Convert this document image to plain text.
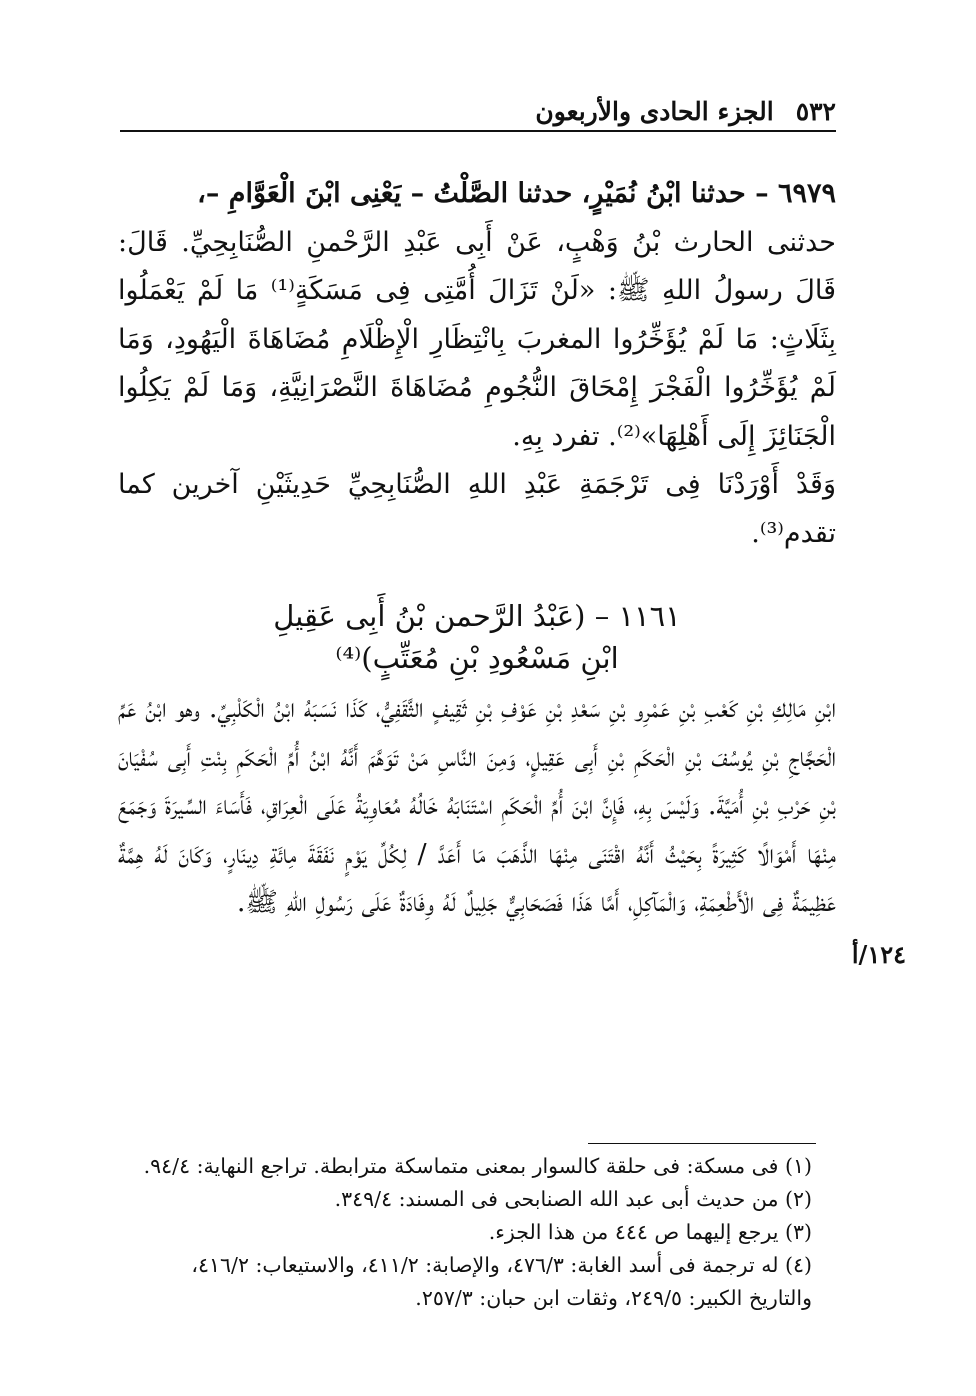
٥٣٢
الجزء الحادى والأربعون

٦٩٧٩ – حدثنا ابْنُ نُمَيْرٍ، حدثنا الصَّلْتُ – يَعْنِى ابْنَ الْعَوَّامِ –،

حدثنى الحارث بْنُ وَهْبٍ، عَنْ أَبِى عَبْدِ الرَّحْمنِ الصُّنَابِحِيِّ. قَالَ: قَالَ رسولُ اللهِ ﷺ: «لَنْ تَزَالَ أُمَّتِى فِى مَسَكَةٍ⁽¹⁾ مَا لَمْ يَعْمَلُوا بِثَلَاثٍ: مَا لَمْ يُؤَخِّرُوا المغربَ بِانْتِظَارِ الْإِظْلَامِ مُضَاهَاةَ الْيَهُودِ، وَمَا لَمْ يُؤَخِّرُوا الْفَجْرَ إِمْحَاقَ النُّجُومِ مُضَاهَاةَ النَّصْرَانِيَّةِ، وَمَا لَمْ يَكِلُوا الْجَنَائِزَ إِلَى أَهْلِهَا»⁽²⁾. تفرد بِهِ.

وَقَدْ أَوْرَدْنَا فِى تَرْجَمَةِ عَبْدِ اللهِ الصُّنَابِحِيِّ حَدِيثَيْنِ آخرين كما تقدم⁽³⁾.

١١٦١ – (عَبْدُ الرَّحمن بْنُ أَبِى عَقِيلِ

ابْنِ مَسْعُودِ بْنِ مُعَتِّبٍ)⁽⁴⁾

ابْنِ مَالِكِ بْنِ كَعْبِ بْنِ عَمْرِو بْنِ سَعْدِ بْنِ عَوْفِ بْنِ ثَقِيفٍ الثَّقَفِيُّ، كَذَا نَسَبَهُ ابْنُ الْكَلْبِيِّ. وهو ابْنُ عَمِّ الْحَجَّاجِ بْنِ يُوسُفَ بْنِ الْحَكَمِ بْنِ أَبِى عَقِيلٍ، وَمِنَ النَّاسِ مَنْ تَوَهَّمَ أَنَّهُ ابْنُ أُمِّ الْحَكَمِ بِنْتِ أَبِى سُفْيَانَ بْنِ حَرْبِ بْنِ أُمَيَّةَ. وَلَيْسَ بِهِ، فَإِنَّ ابْنَ أُمِّ الْحَكَمِ اسْتَنَابَهُ خَالُهُ مُعَاوِيَةُ عَلَى الْعِرَاقِ، فَأَسَاءَ السِّيرَةَ وَجَمَعَ مِنْهَا أَمْوَالًا كَثِيرَةً بِحَيْثُ أَنَّهُ اقْتَنَى مِنْهَا الذَّهَبَ مَا أَعَدَّ / لِكُلِّ يَوْمٍ نَفَقَةَ مِائَةِ دِينَارٍ، وَكَانَ لَهُ هِمَّةٌ عَظِيمَةٌ فِى الْأَطْعِمَةِ، وَالْمَآكِلِ، أَمَّا هَذَا فَصَحَابِيٌّ جَلِيلٌ لَهُ وِفَادَةٌ عَلَى رَسُولِ اللهِ ﷺ.

١٢٤/أ

(١) فى مسكة: فى حلقة كالسوار بمعنى متماسكة مترابطة. تراجع النهاية: ٩٤/٤.

(٢) من حديث أبى عبد الله الصنابحى فى المسند: ٣٤٩/٤.

(٣) يرجع إليهما ص ٤٤٤ من هذا الجزء.

(٤) له ترجمة فى أسد الغابة: ٤٧٦/٣، والإصابة: ٤١١/٢، والاستيعاب: ٤١٦/٢،

والتاريخ الكبير: ٢٤٩/٥، وثقات ابن حبان: ٢٥٧/٣.
